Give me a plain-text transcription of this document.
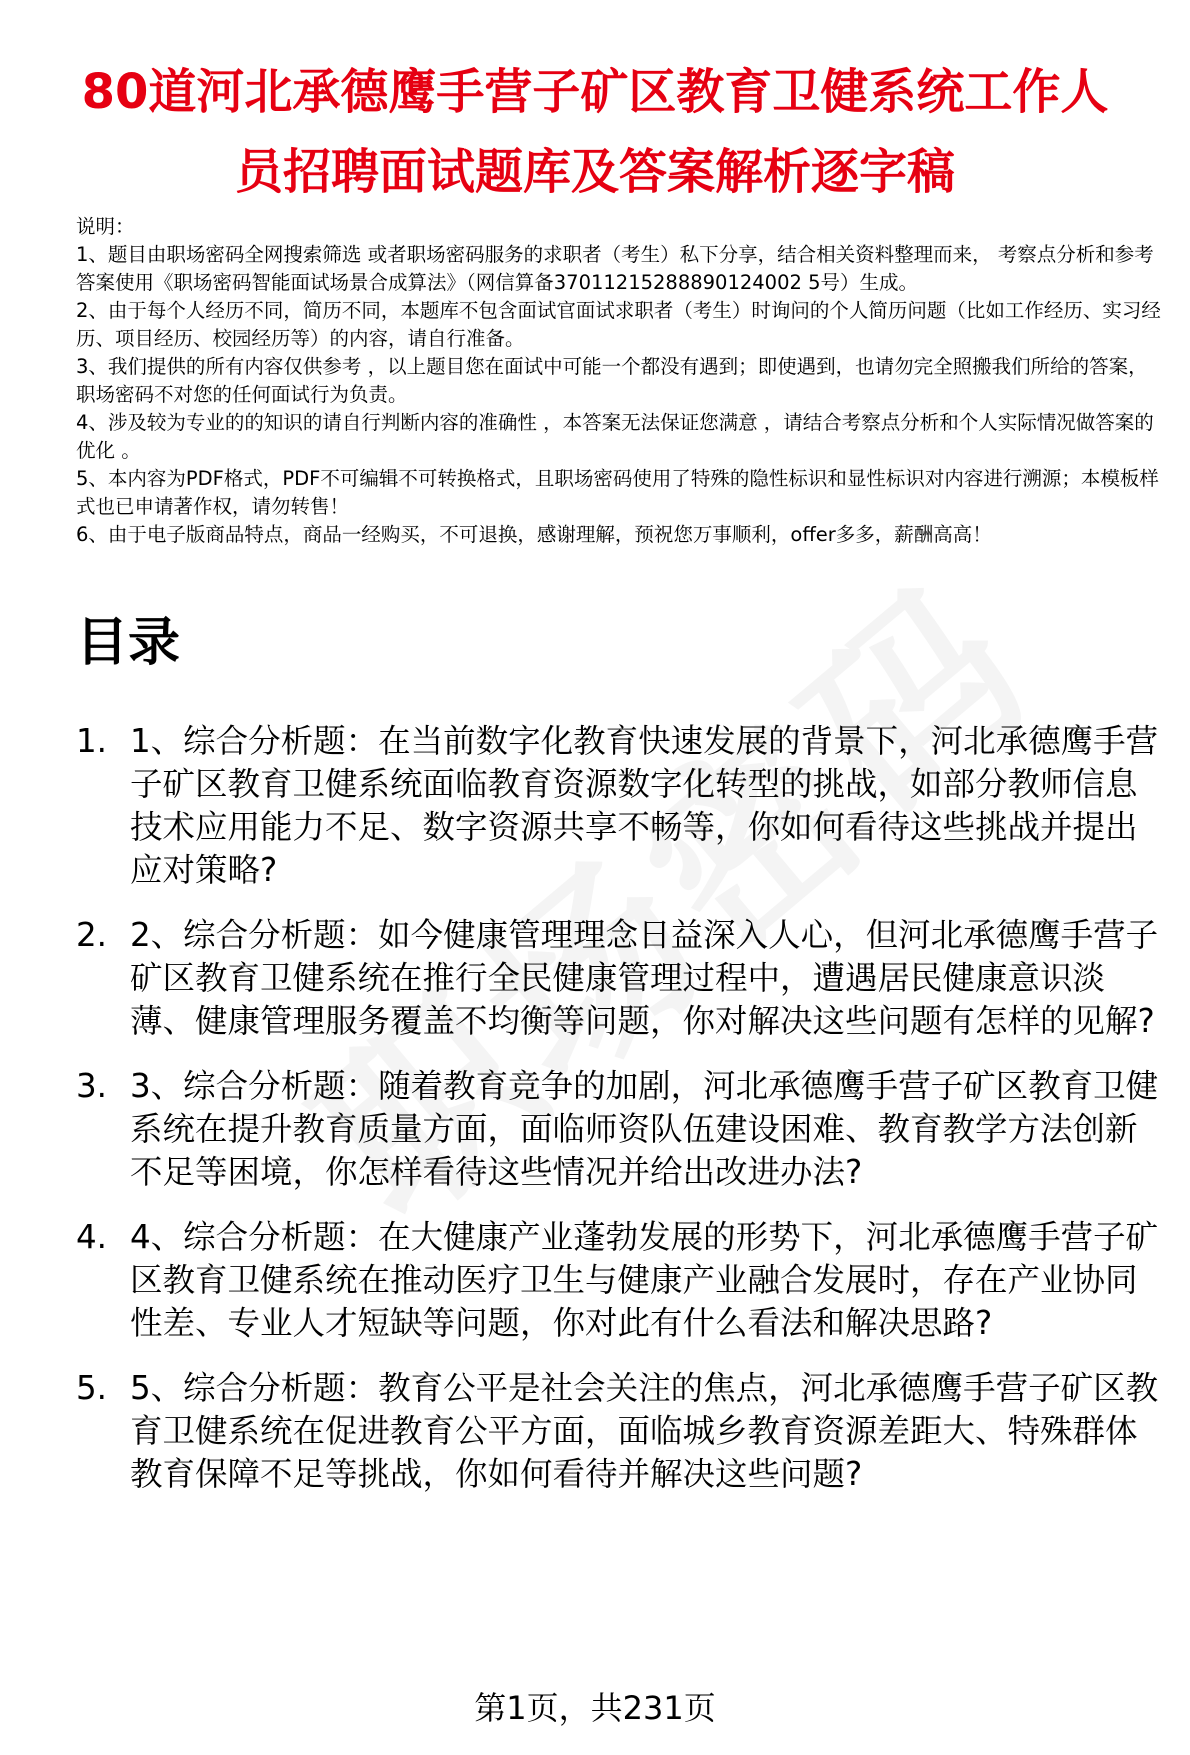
80道河北承德鹰手营子矿区教育卫健系统工作人员招聘面试题库及答案解析逐字稿

说明：

1、题目由职场密码全网搜索筛选 或者职场密码服务的求职者（考生）私下分享，结合相关资料整理而来， 考察点分析和参考答案使用《职场密码智能面试场景合成算法》（网信算备37011215288890124002 5号）生成。

2、由于每个人经历不同，简历不同，本题库不包含面试官面试求职者（考生）时询问的个人简历问题（比如工作经历、实习经历、项目经历、校园经历等）的内容，请自行准备。

3、我们提供的所有内容仅供参考 ，以上题目您在面试中可能一个都没有遇到；即使遇到，也请勿完全照搬我们所给的答案，职场密码不对您的任何面试行为负责。

4、涉及较为专业的的知识的请自行判断内容的准确性 ，本答案无法保证您满意 ，请结合考察点分析和个人实际情况做答案的优化 。

5、本内容为PDF格式，PDF不可编辑不可转换格式，且职场密码使用了特殊的隐性标识和显性标识对内容进行溯源；本模板样式也已申请著作权，请勿转售！

6、由于电子版商品特点，商品一经购买，不可退换，感谢理解，预祝您万事顺利，offer多多，薪酬高高！

目录
1. 1、综合分析题：在当前数字化教育快速发展的背景下，河北承德鹰手营子矿区教育卫健系统面临教育资源数字化转型的挑战，如部分教师信息技术应用能力不足、数字资源共享不畅等，你如何看待这些挑战并提出应对策略?
2. 2、综合分析题：如今健康管理理念日益深入人心，但河北承德鹰手营子矿区教育卫健系统在推行全民健康管理过程中，遭遇居民健康意识淡薄、健康管理服务覆盖不均衡等问题，你对解决这些问题有怎样的见解?
3. 3、综合分析题：随着教育竞争的加剧，河北承德鹰手营子矿区教育卫健系统在提升教育质量方面，面临师资队伍建设困难、教育教学方法创新不足等困境，你怎样看待这些情况并给出改进办法?
4. 4、综合分析题：在大健康产业蓬勃发展的形势下，河北承德鹰手营子矿区教育卫健系统在推动医疗卫生与健康产业融合发展时，存在产业协同性差、专业人才短缺等问题，你对此有什么看法和解决思路?
5. 5、综合分析题：教育公平是社会关注的焦点，河北承德鹰手营子矿区教育卫健系统在促进教育公平方面，面临城乡教育资源差距大、特殊群体教育保障不足等挑战，你如何看待并解决这些问题?
第1页，共231页
